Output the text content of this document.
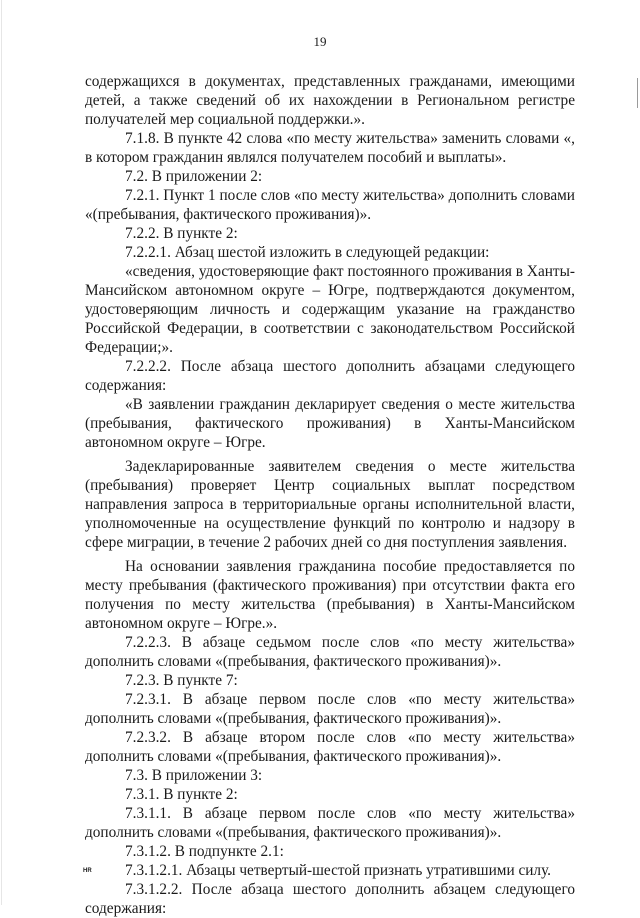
19

содержащихся в документах, представленных гражданами, имеющими детей, а также сведений об их нахождении в Региональном регистре получателей мер социальной поддержки.».

7.1.8. В пункте 42 слова «по месту жительства» заменить словами «, в котором гражданин являлся получателем пособий и выплаты».

7.2. В приложении 2:

7.2.1. Пункт 1 после слов «по месту жительства» дополнить словами «(пребывания, фактического проживания)».

7.2.2. В пункте 2:

7.2.2.1. Абзац шестой изложить в следующей редакции:

«сведения, удостоверяющие факт постоянного проживания в Ханты-Мансийском автономном округе – Югре, подтверждаются документом, удостоверяющим личность и содержащим указание на гражданство Российской Федерации, в соответствии с законодательством Российской Федерации;».

7.2.2.2. После абзаца шестого дополнить абзацами следующего содержания:

«В заявлении гражданин декларирует сведения о месте жительства (пребывания, фактического проживания) в Ханты-Мансийском автономном округе – Югре.

Задекларированные заявителем сведения о месте жительства (пребывания) проверяет Центр социальных выплат посредством направления запроса в территориальные органы исполнительной власти, уполномоченные на осуществление функций по контролю и надзору в сфере миграции, в течение 2 рабочих дней со дня поступления заявления.

На основании заявления гражданина пособие предоставляется по месту пребывания (фактического проживания) при отсутствии факта его получения по месту жительства (пребывания) в Ханты-Мансийском автономном округе – Югре.».

7.2.2.3. В абзаце седьмом после слов «по месту жительства» дополнить словами «(пребывания, фактического проживания)».

7.2.3. В пункте 7:

7.2.3.1. В абзаце первом после слов «по месту жительства» дополнить словами «(пребывания, фактического проживания)».

7.2.3.2. В абзаце втором после слов «по месту жительства» дополнить словами «(пребывания, фактического проживания)».

7.3. В приложении 3:

7.3.1. В пункте 2:

7.3.1.1. В абзаце первом после слов «по месту жительства» дополнить словами «(пребывания, фактического проживания)».

7.3.1.2. В подпункте 2.1:

7.3.1.2.1. Абзацы четвертый-шестой признать утратившими силу.

7.3.1.2.2. После абзаца шестого дополнить абзацем следующего содержания:

HR
